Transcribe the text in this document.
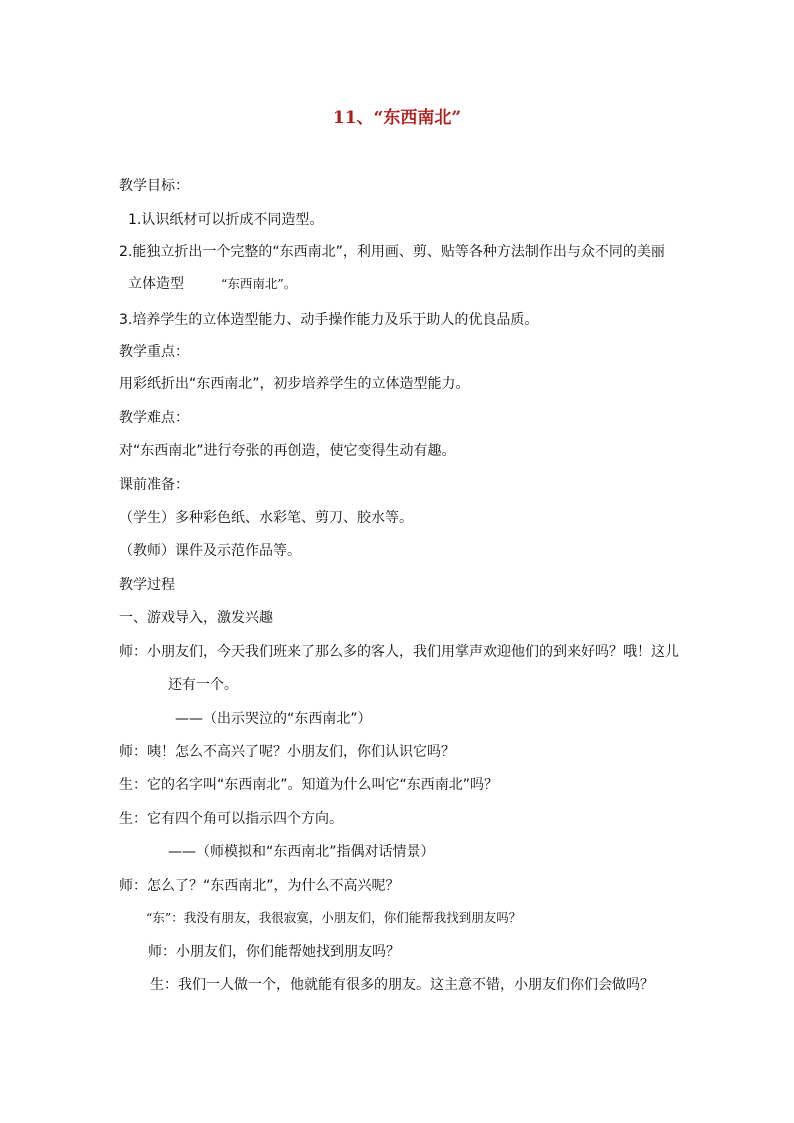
11、“东西南北”
教学目标：
1.认识纸材可以折成不同造型。
2.能独立折出一个完整的“东西南北”，利用画、剪、贴等各种方法制作出与众不同的美丽
立体造型	“东西南北”。
3.培养学生的立体造型能力、动手操作能力及乐于助人的优良品质。
教学重点：
用彩纸折出“东西南北”，初步培养学生的立体造型能力。
教学难点：
对“东西南北”进行夸张的再创造，使它变得生动有趣。
课前准备：
（学生）多种彩色纸、水彩笔、剪刀、胶水等。
（教师）课件及示范作品等。
教学过程
一、游戏导入，激发兴趣
师：小朋友们，今天我们班来了那么多的客人，我们用掌声欢迎他们的到来好吗？哦！这儿
还有一个。
——（出示哭泣的“东西南北”）
师：咦！怎么不高兴了呢？小朋友们，你们认识它吗？
生：它的名字叫“东西南北”。知道为什么叫它“东西南北”吗？
生：它有四个角可以指示四个方向。
——（师模拟和“东西南北”指偶对话情景）
师：怎么了？“东西南北”，为什么不高兴呢？
“东”：我没有朋友，我很寂寞，小朋友们，你们能帮我找到朋友吗？
师：小朋友们，你们能帮她找到朋友吗？
生：我们一人做一个，他就能有很多的朋友。这主意不错，小朋友们你们会做吗？
